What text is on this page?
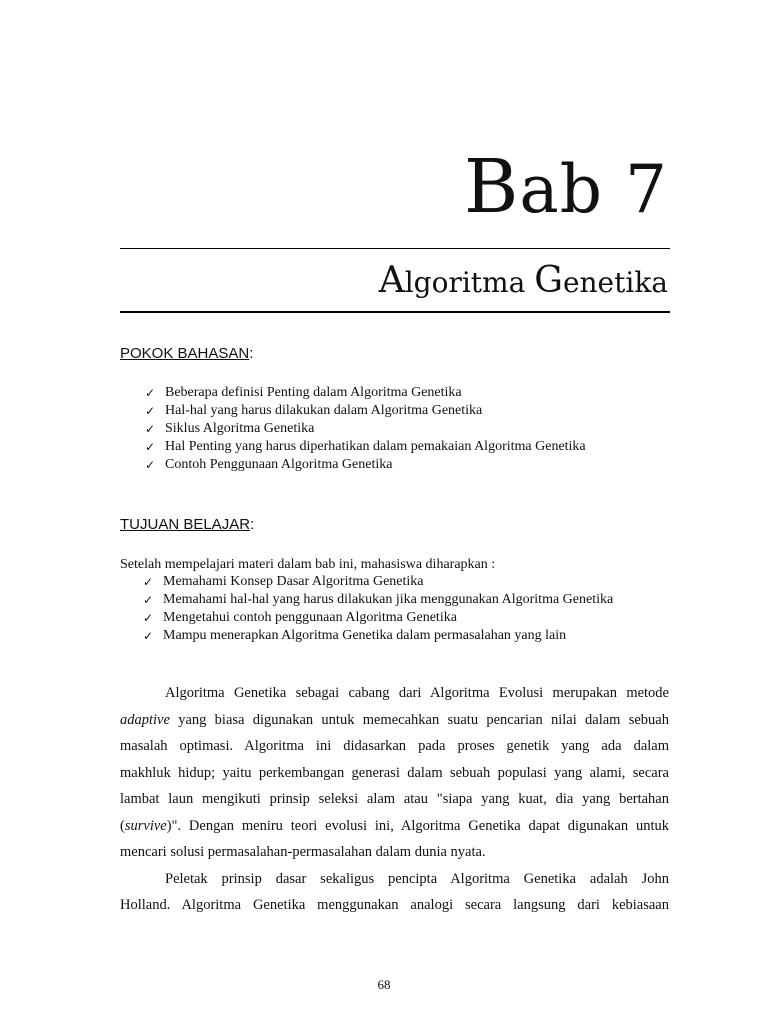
Bab 7
Algoritma Genetika
POKOK BAHASAN:
✓ Beberapa definisi Penting dalam Algoritma Genetika
✓ Hal-hal yang harus dilakukan dalam Algoritma Genetika
✓ Siklus Algoritma Genetika
✓ Hal Penting yang harus diperhatikan dalam pemakaian Algoritma Genetika
✓ Contoh Penggunaan Algoritma Genetika
TUJUAN BELAJAR:
Setelah mempelajari materi dalam bab ini, mahasiswa diharapkan :
✓ Memahami Konsep Dasar Algoritma Genetika
✓ Memahami hal-hal yang harus dilakukan jika menggunakan Algoritma Genetika
✓ Mengetahui contoh penggunaan Algoritma Genetika
✓ Mampu menerapkan Algoritma Genetika dalam permasalahan yang lain
Algoritma Genetika sebagai cabang dari Algoritma Evolusi merupakan metode
adaptive yang biasa digunakan untuk memecahkan suatu pencarian nilai dalam sebuah
masalah optimasi. Algoritma ini didasarkan pada proses genetik yang ada dalam
makhluk hidup; yaitu perkembangan generasi dalam sebuah populasi yang alami, secara
lambat laun mengikuti prinsip seleksi alam atau "siapa yang kuat, dia yang bertahan
(survive)". Dengan meniru teori evolusi ini, Algoritma Genetika dapat digunakan untuk
mencari solusi permasalahan-permasalahan dalam dunia nyata.
Peletak prinsip dasar sekaligus pencipta Algoritma Genetika adalah John
Holland. Algoritma Genetika menggunakan analogi secara langsung dari kebiasaan
68
